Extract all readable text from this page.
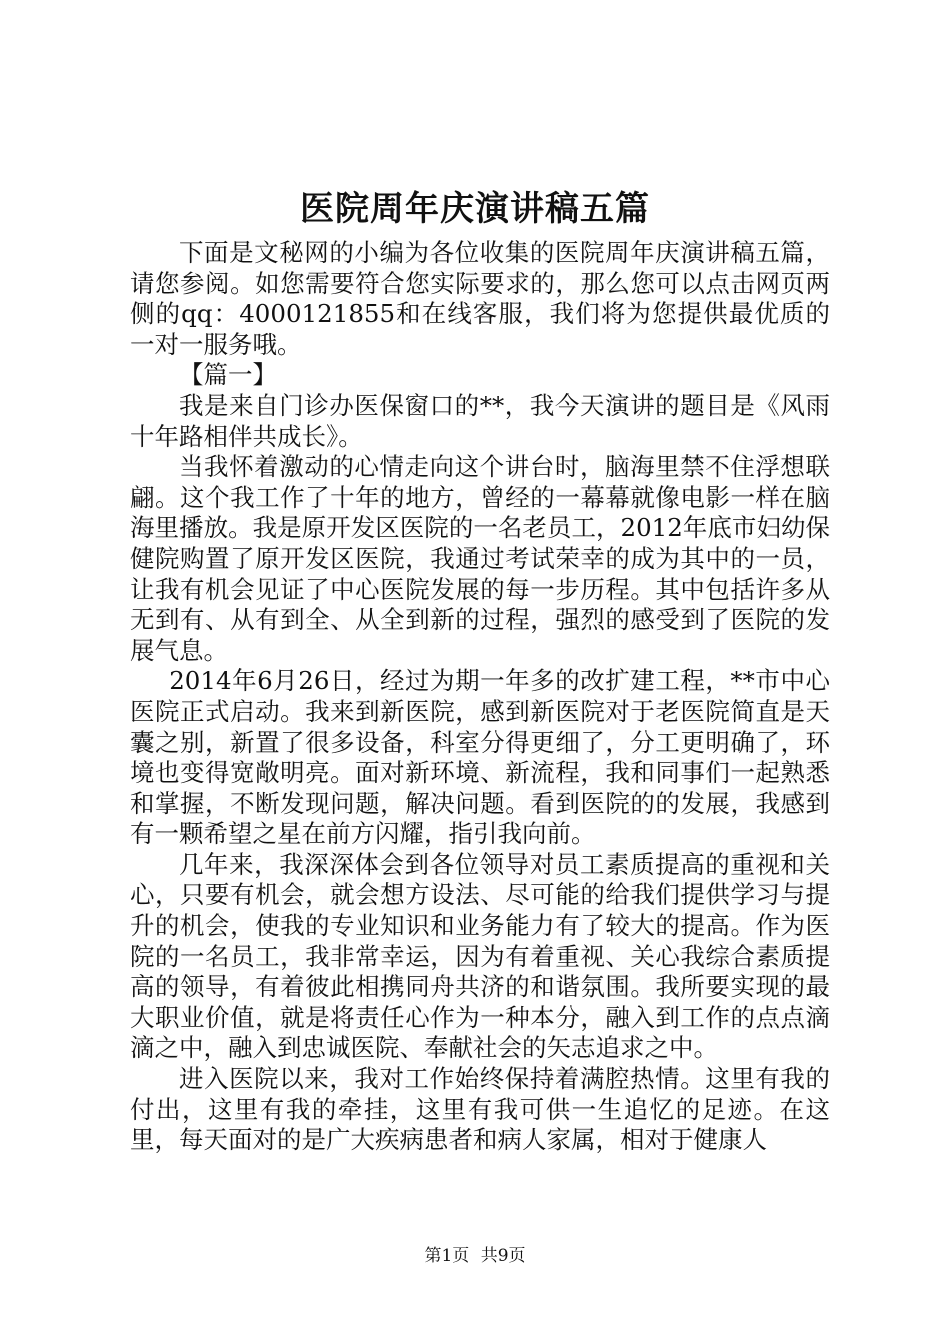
医院周年庆演讲稿五篇

下面是文秘网的小编为各位收集的医院周年庆演讲稿五篇，请您参阅。如您需要符合您实际要求的，那么您可以点击网页两侧的qq：4000121855和在线客服，我们将为您提供最优质的一对一服务哦。

【篇一】

我是来自门诊办医保窗口的**，我今天演讲的题目是《风雨十年路相伴共成长》。

当我怀着激动的心情走向这个讲台时，脑海里禁不住浮想联翩。这个我工作了十年的地方，曾经的一幕幕就像电影一样在脑海里播放。我是原开发区医院的一名老员工，2012年底市妇幼保健院购置了原开发区医院，我通过考试荣幸的成为其中的一员，让我有机会见证了中心医院发展的每一步历程。其中包括许多从无到有、从有到全、从全到新的过程，强烈的感受到了医院的发展气息。

2014年6月26日，经过为期一年多的改扩建工程，**市中心医院正式启动。我来到新医院，感到新医院对于老医院简直是天囊之别，新置了很多设备，科室分得更细了，分工更明确了，环境也变得宽敞明亮。面对新环境、新流程，我和同事们一起熟悉和掌握，不断发现问题，解决问题。看到医院的的发展，我感到有一颗希望之星在前方闪耀，指引我向前。

几年来，我深深体会到各位领导对员工素质提高的重视和关心，只要有机会，就会想方设法、尽可能的给我们提供学习与提升的机会，使我的专业知识和业务能力有了较大的提高。作为医院的一名员工，我非常幸运，因为有着重视、关心我综合素质提高的领导，有着彼此相携同舟共济的和谐氛围。我所要实现的最大职业价值，就是将责任心作为一种本分，融入到工作的点点滴滴之中，融入到忠诚医院、奉献社会的矢志追求之中。

进入医院以来，我对工作始终保持着满腔热情。这里有我的付出，这里有我的牵挂，这里有我可供一生追忆的足迹。在这里，每天面对的是广大疾病患者和病人家属，相对于健康人

第1页 共9页
